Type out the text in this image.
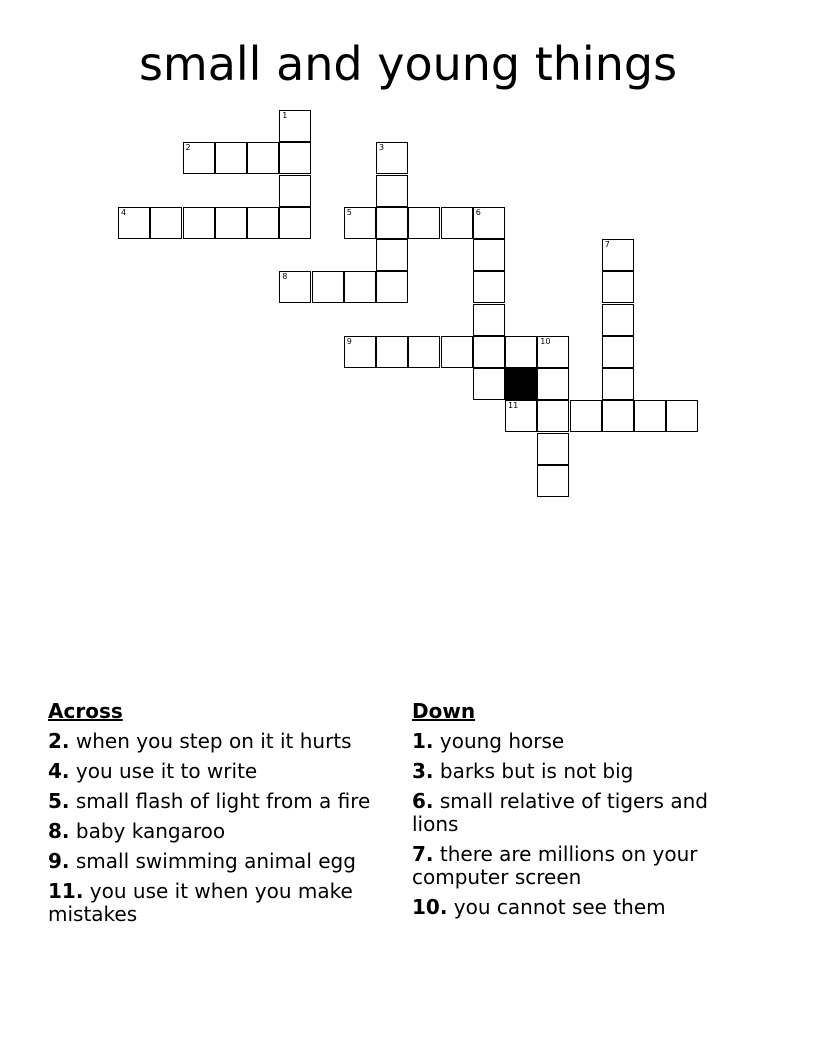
small and young things
1
2	3
4	5	6
7
8
9	10
11
Across
2. when you step on it it hurts
4. you use it to write
5. small flash of light from a fire
8. baby kangaroo
9. small swimming animal egg
11. you use it when you make mistakes
Down
1. young horse
3. barks but is not big
6. small relative of tigers and lions
7. there are millions on your computer screen
10. you cannot see them
